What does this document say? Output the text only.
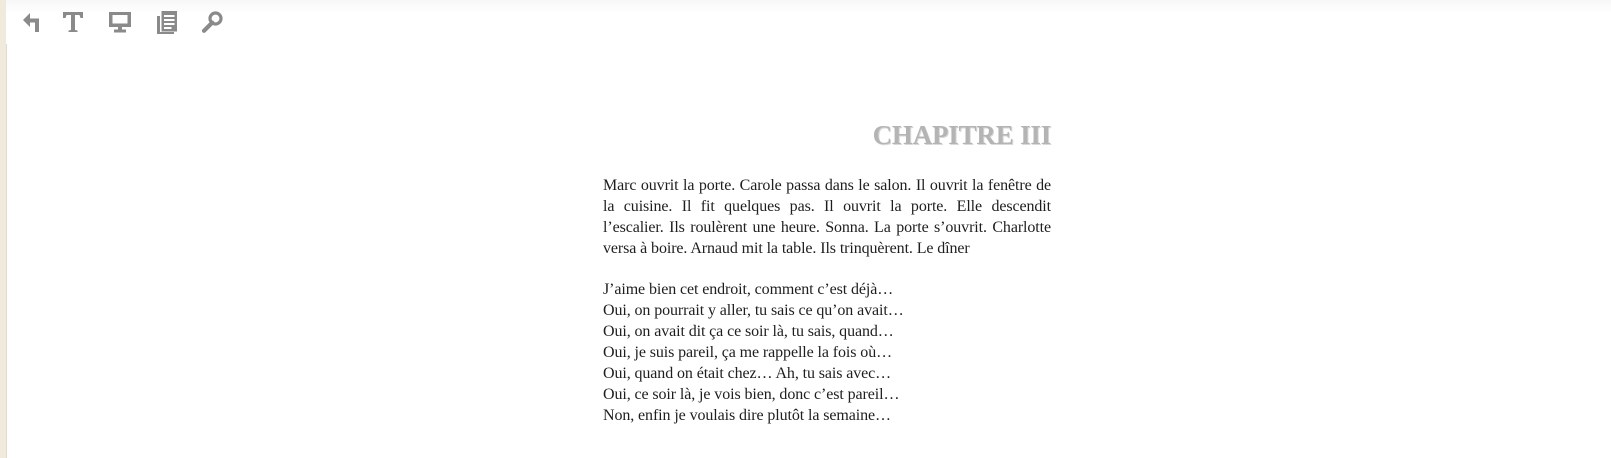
CHAPITRE III

Marc ouvrit la porte. Carole passa dans le salon. Il ouvrit la fenêtre de la cuisine. Il fit quelques pas. Il ouvrit la porte. Elle descendit l’escalier. Ils roulèrent une heure. Sonna. La porte s’ouvrit. Charlotte versa à boire. Arnaud mit la table. Ils trinquèrent. Le dîner

J’aime bien cet endroit, comment c’est déjà…
Oui, on pourrait y aller, tu sais ce qu’on avait…
Oui, on avait dit ça ce soir là, tu sais, quand…
Oui, je suis pareil, ça me rappelle la fois où…
Oui, quand on était chez… Ah, tu sais avec…
Oui, ce soir là, je vois bien, donc c’est pareil…
Non, enfin je voulais dire plutôt la semaine…
